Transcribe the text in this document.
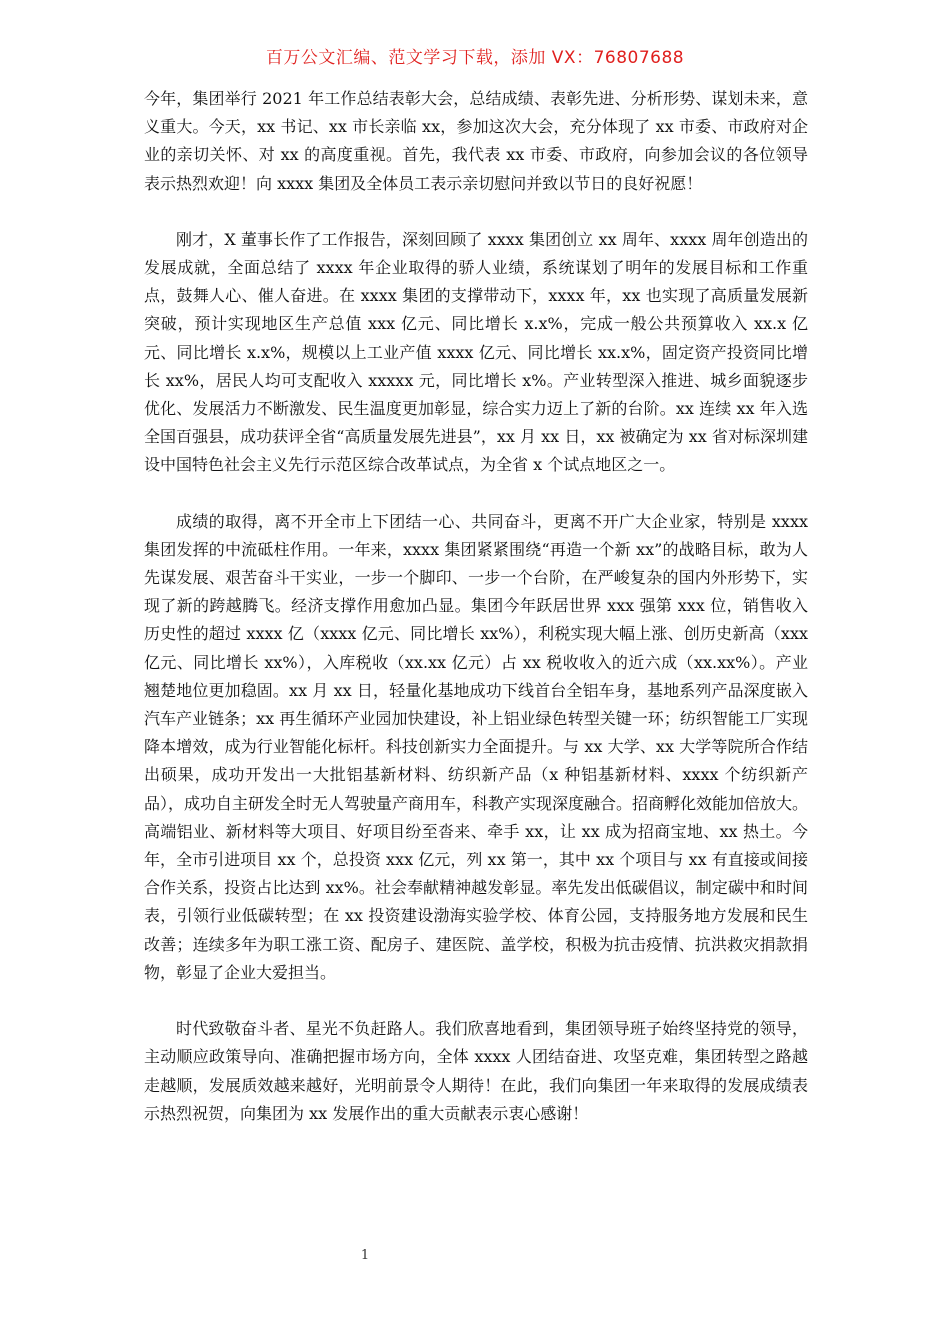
百万公文汇编、范文学习下载，添加 VX：76807688

今年，集团举行 2021 年工作总结表彰大会，总结成绩、表彰先进、分析形势、谋划未来，意义重大。今天，xx 书记、xx 市长亲临 xx，参加这次大会，充分体现了 xx 市委、市政府对企业的亲切关怀、对 xx 的高度重视。首先，我代表 xx 市委、市政府，向参加会议的各位领导表示热烈欢迎！向 xxxx 集团及全体员工表示亲切慰问并致以节日的良好祝愿！

刚才，X 董事长作了工作报告，深刻回顾了 xxxx 集团创立 xx 周年、xxxx 周年创造出的发展成就，全面总结了 xxxx 年企业取得的骄人业绩，系统谋划了明年的发展目标和工作重点，鼓舞人心、催人奋进。在 xxxx 集团的支撑带动下，xxxx 年，xx 也实现了高质量发展新突破，预计实现地区生产总值 xxx 亿元、同比增长 x.x%，完成一般公共预算收入 xx.x 亿元、同比增长 x.x%，规模以上工业产值 xxxx 亿元、同比增长 xx.x%，固定资产投资同比增长 xx%，居民人均可支配收入 xxxxx 元，同比增长 x%。产业转型深入推进、城乡面貌逐步优化、发展活力不断激发、民生温度更加彰显，综合实力迈上了新的台阶。xx 连续 xx 年入选全国百强县，成功获评全省“高质量发展先进县”，xx 月 xx 日，xx 被确定为 xx 省对标深圳建设中国特色社会主义先行示范区综合改革试点，为全省 x 个试点地区之一。

成绩的取得，离不开全市上下团结一心、共同奋斗，更离不开广大企业家，特别是 xxxx 集团发挥的中流砥柱作用。一年来，xxxx 集团紧紧围绕“再造一个新 xx”的战略目标，敢为人先谋发展、艰苦奋斗干实业，一步一个脚印、一步一个台阶，在严峻复杂的国内外形势下，实现了新的跨越腾飞。经济支撑作用愈加凸显。集团今年跃居世界 xxx 强第 xxx 位，销售收入历史性的超过 xxxx 亿（xxxx 亿元、同比增长 xx%），利税实现大幅上涨、创历史新高（xxx 亿元、同比增长 xx%），入库税收（xx.xx 亿元）占 xx 税收收入的近六成（xx.xx%）。产业翘楚地位更加稳固。xx 月 xx 日，轻量化基地成功下线首台全铝车身，基地系列产品深度嵌入汽车产业链条；xx 再生循环产业园加快建设，补上铝业绿色转型关键一环；纺织智能工厂实现降本增效，成为行业智能化标杆。科技创新实力全面提升。与 xx 大学、xx 大学等院所合作结出硕果，成功开发出一大批铝基新材料、纺织新产品（x 种铝基新材料、xxxx 个纺织新产品），成功自主研发全时无人驾驶量产商用车，科教产实现深度融合。招商孵化效能加倍放大。高端铝业、新材料等大项目、好项目纷至沓来、牵手 xx，让 xx 成为招商宝地、xx 热土。今年，全市引进项目 xx 个，总投资 xxx 亿元，列 xx 第一，其中 xx 个项目与 xx 有直接或间接合作关系，投资占比达到 xx%。社会奉献精神越发彰显。率先发出低碳倡议，制定碳中和时间表，引领行业低碳转型；在 xx 投资建设渤海实验学校、体育公园，支持服务地方发展和民生改善；连续多年为职工涨工资、配房子、建医院、盖学校，积极为抗击疫情、抗洪救灾捐款捐物，彰显了企业大爱担当。

时代致敬奋斗者、星光不负赶路人。我们欣喜地看到，集团领导班子始终坚持党的领导，主动顺应政策导向、准确把握市场方向，全体 xxxx 人团结奋进、攻坚克难，集团转型之路越走越顺，发展质效越来越好，光明前景令人期待！在此，我们向集团一年来取得的发展成绩表示热烈祝贺，向集团为 xx 发展作出的重大贡献表示衷心感谢！

1
